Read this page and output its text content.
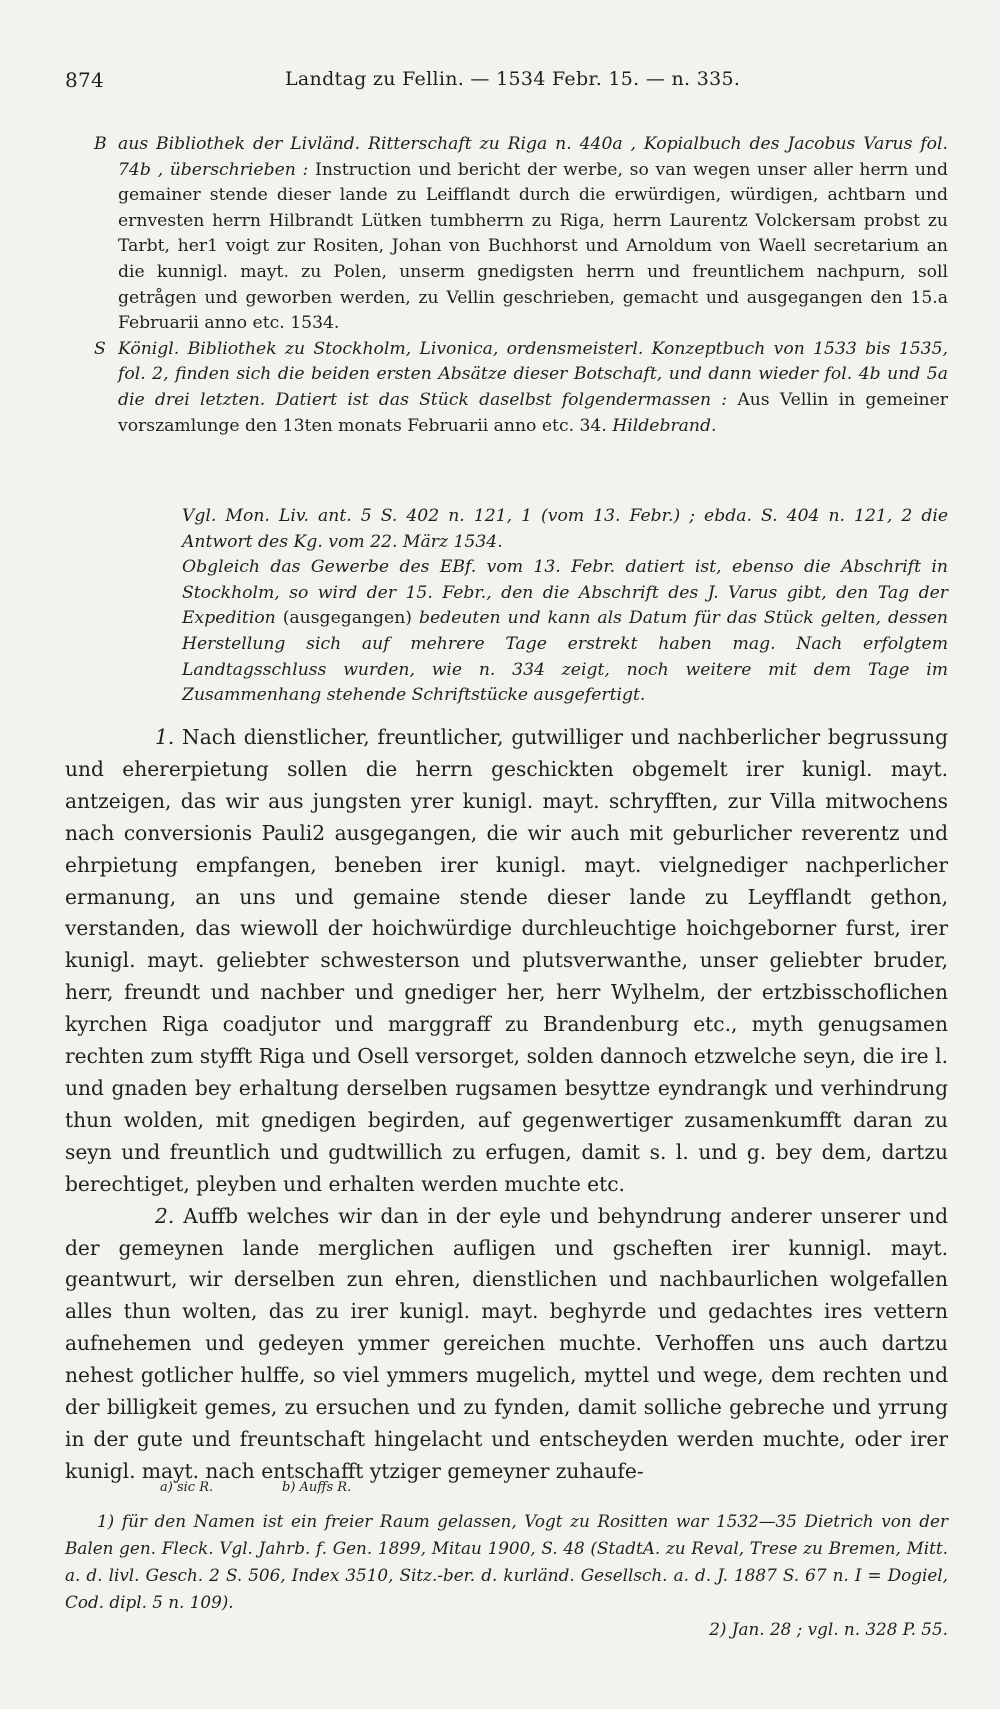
874	Landtag zu Fellin. — 1534 Febr. 15. — n. 335.

B aus Bibliothek der Livländ. Ritterschaft zu Riga n. 440a , Kopialbuch des Jacobus Varus fol. 74b , überschrieben : Instruction und bericht der werbe, so van wegen unser aller herrn und gemainer stende dieser lande zu Leifflandt durch die erwürdigen, würdigen, achtbarn und ernvesten herrn Hilbrandt Lütken tumbherrn zu Riga, herrn Laurentz Volckersam probst zu Tarbt, her1 voigt zur Rositen, Johan von Buchhorst und Arnoldum von Waell secretarium an die kunnigl. mayt. zu Polen, unserm gnedigsten herrn und freuntlichem nachpurn, soll getrågen und geworben werden, zu Vellin geschrieben, gemacht und ausgegangen den 15.a Februarii anno etc. 1534.

S Königl. Bibliothek zu Stockholm, Livonica, ordensmeisterl. Konzeptbuch von 1533 bis 1535, fol. 2, finden sich die beiden ersten Absätze dieser Botschaft, und dann wieder fol. 4b und 5a die drei letzten. Datiert ist das Stück daselbst folgendermassen : Aus Vellin in gemeiner vorszamlunge den 13ten monats Februarii anno etc. 34. Hildebrand.

Vgl. Mon. Liv. ant. 5 S. 402 n. 121, 1 (vom 13. Febr.) ; ebda. S. 404 n. 121, 2 die Antwort des Kg. vom 22. März 1534.

Obgleich das Gewerbe des EBf. vom 13. Febr. datiert ist, ebenso die Abschrift in Stockholm, so wird der 15. Febr., den die Abschrift des J. Varus gibt, den Tag der Expedition (ausgegangen) bedeuten und kann als Datum für das Stück gelten, dessen Herstellung sich auf mehrere Tage erstrekt haben mag. Nach erfolgtem Landtagsschluss wurden, wie n. 334 zeigt, noch weitere mit dem Tage im Zusammenhang stehende Schriftstücke ausgefertigt.

1. Nach dienstlicher, freuntlicher, gutwilliger und nachberlicher begrussung und ehererpietung sollen die herrn geschickten obgemelt irer kunigl. mayt. antzeigen, das wir aus jungsten yrer kunigl. mayt. schryfften, zur Villa mitwochens nach conversionis Pauli2 ausgegangen, die wir auch mit geburlicher reverentz und ehrpietung empfangen, beneben irer kunigl. mayt. vielgnediger nachperlicher ermanung, an uns und gemaine stende dieser lande zu Leyfflandt gethon, verstanden, das wiewoll der hoichwürdige durchleuchtige hoichgeborner furst, irer kunigl. mayt. geliebter schwesterson und plutsverwanthe, unser geliebter bruder, herr, freundt und nachber und gnediger her, herr Wylhelm, der ertzbisschoflichen kyrchen Riga coadjutor und marggraff zu Brandenburg etc., myth genugsamen rechten zum styfft Riga und Osell versorget, solden dannoch etzwelche seyn, die ire l. und gnaden bey erhaltung derselben rugsamen besyttze eyndrangk und verhindrung thun wolden, mit gnedigen begirden, auf gegenwertiger zusamenkumfft daran zu seyn und freuntlich und gudtwillich zu erfugen, damit s. l. und g. bey dem, dartzu berechtiget, pleyben und erhalten werden muchte etc.

2. Auffb welches wir dan in der eyle und behyndrung anderer unserer und der gemeynen lande merglichen aufligen und gscheften irer kunnigl. mayt. geantwurt, wir derselben zun ehren, dienstlichen und nachbaurlichen wolgefallen alles thun wolten, das zu irer kunigl. mayt. beghyrde und gedachtes ires vettern aufnehemen und gedeyen ymmer gereichen muchte. Verhoffen uns auch dartzu nehest gotlicher hulffe, so viel ymmers mugelich, myttel und wege, dem rechten und der billigkeit gemes, zu ersuchen und zu fynden, damit solliche gebreche und yrrung in der gute und freuntschaft hingelacht und entscheyden werden muchte, oder irer kunigl. mayt. nach entschafft ytziger gemeyner zuhaufe-

a) sic R.	b) Auffs R.

1) für den Namen ist ein freier Raum gelassen, Vogt zu Rositten war 1532—35 Dietrich von der Balen gen. Fleck. Vgl. Jahrb. f. Gen. 1899, Mitau 1900, S. 48 (StadtA. zu Reval, Trese zu Bremen, Mitt. a. d. livl. Gesch. 2 S. 506, Index 3510, Sitz.-ber. d. kurländ. Gesellsch. a. d. J. 1887 S. 67 n. I = Dogiel, Cod. dipl. 5 n. 109).

2) Jan. 28 ; vgl. n. 328 P. 55.
